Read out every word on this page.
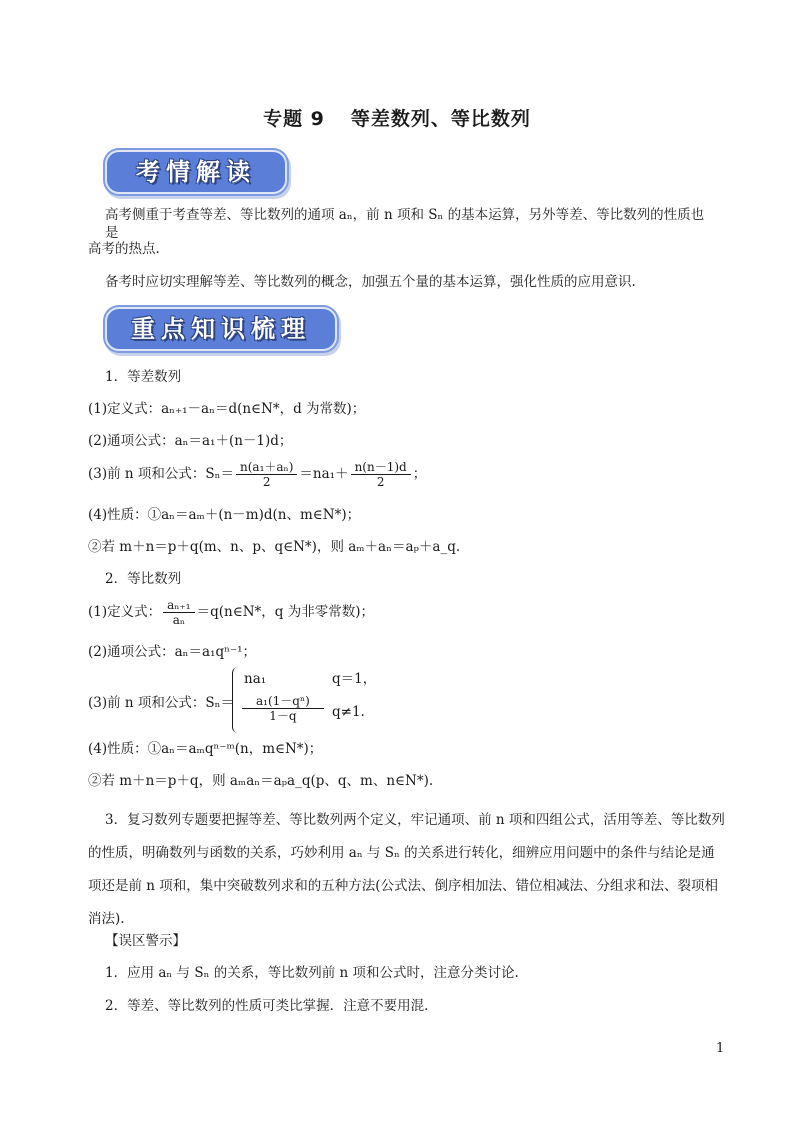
专题 9 等差数列、等比数列
考情解读
高考侧重于考查等差、等比数列的通项 aₙ，前 n 项和 Sₙ 的基本运算，另外等差、等比数列的性质也是
高考的热点.
备考时应切实理解等差、等比数列的概念，加强五个量的基本运算，强化性质的应用意识.
重点知识梳理
1．等差数列
(1)定义式：aₙ₊₁－aₙ＝d(n∈N*，d 为常数)；
(2)通项公式：aₙ＝a₁＋(n－1)d；
(3)前 n 项和公式：$S_n= \frac{\text{n(a₁＋aₙ)}}{2} =na_1+ \frac{n(n-1)d}{2}$ ；
(4)性质：①aₙ＝aₘ＋(n－m)d(n、m∈N*)；
②若 m＋n＝p＋q(m、n、p、q∈N*)，则 aₘ＋aₙ＝aₚ＋a_q.
2．等比数列
(1)定义式： $\frac{\text{aₙ₊₁}}{\text{aₙ}}$ ＝q(n∈N*，q 为非零常数)；
(2)通项公式：aₙ＝a₁qⁿ⁻¹；
(3)前 n 项和公式：Sₙ＝
na₁	q＝1，
$\frac{\text{a₁(1－qⁿ)}}{1-q} q\ne 1$.
(4)性质：①aₙ＝aₘqⁿ⁻ᵐ(n，m∈N*)；
②若 m＋n＝p＋q，则 aₘaₙ＝aₚa_q(p、q、m、n∈N*).
3．复习数列专题要把握等差、等比数列两个定义，牢记通项、前 n 项和四组公式，活用等差、等比数列的性质，明确数列与函数的关系，巧妙利用 aₙ 与 Sₙ 的关系进行转化，细辨应用问题中的条件与结论是通项还是前 n 项和，集中突破数列求和的五种方法(公式法、倒序相加法、错位相减法、分组求和法、裂项相消法).
【误区警示】
1．应用 aₙ 与 Sₙ 的关系，等比数列前 n 项和公式时，注意分类讨论.
2．等差、等比数列的性质可类比掌握．注意不要用混.
1
